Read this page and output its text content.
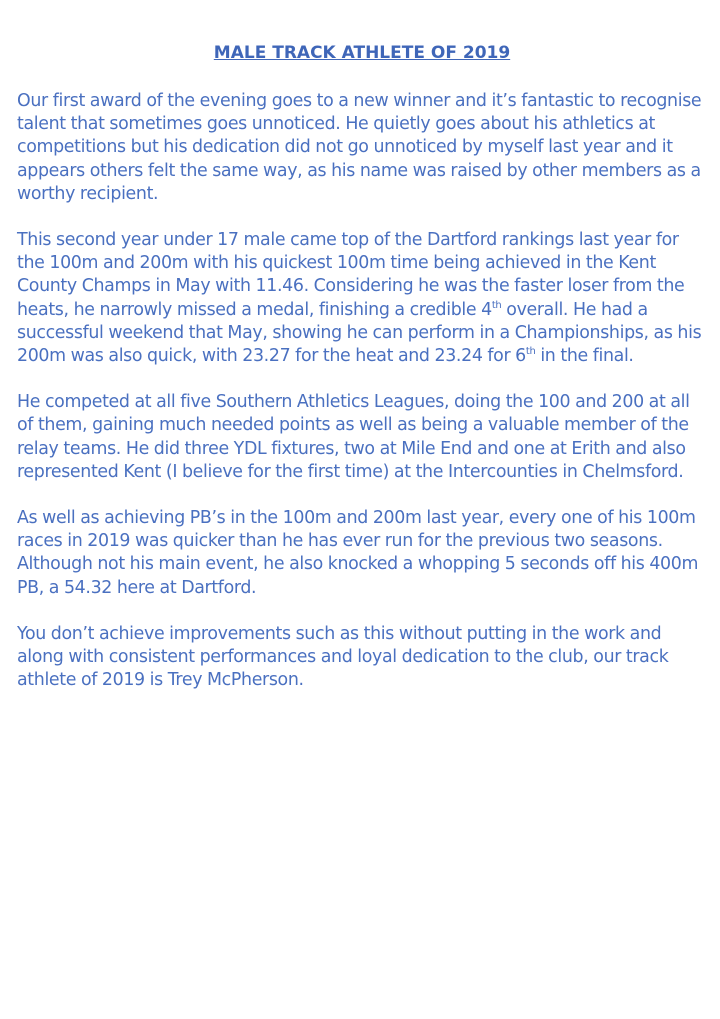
MALE TRACK ATHLETE OF 2019

Our first award of the evening goes to a new winner and it’s fantastic to recognise talent that sometimes goes unnoticed. He quietly goes about his athletics at competitions but his dedication did not go unnoticed by myself last year and it appears others felt the same way, as his name was raised by other members as a worthy recipient.

This second year under 17 male came top of the Dartford rankings last year for the 100m and 200m with his quickest 100m time being achieved in the Kent County Champs in May with 11.46. Considering he was the faster loser from the heats, he narrowly missed a medal, finishing a credible 4th overall. He had a successful weekend that May, showing he can perform in a Championships, as his 200m was also quick, with 23.27 for the heat and 23.24 for 6th in the final.

He competed at all five Southern Athletics Leagues, doing the 100 and 200 at all of them, gaining much needed points as well as being a valuable member of the relay teams. He did three YDL fixtures, two at Mile End and one at Erith and also represented Kent (I believe for the first time) at the Intercounties in Chelmsford.

As well as achieving PB’s in the 100m and 200m last year, every one of his 100m races in 2019 was quicker than he has ever run for the previous two seasons. Although not his main event, he also knocked a whopping 5 seconds off his 400m PB, a 54.32 here at Dartford.

You don’t achieve improvements such as this without putting in the work and along with consistent performances and loyal dedication to the club, our track athlete of 2019 is Trey McPherson.
